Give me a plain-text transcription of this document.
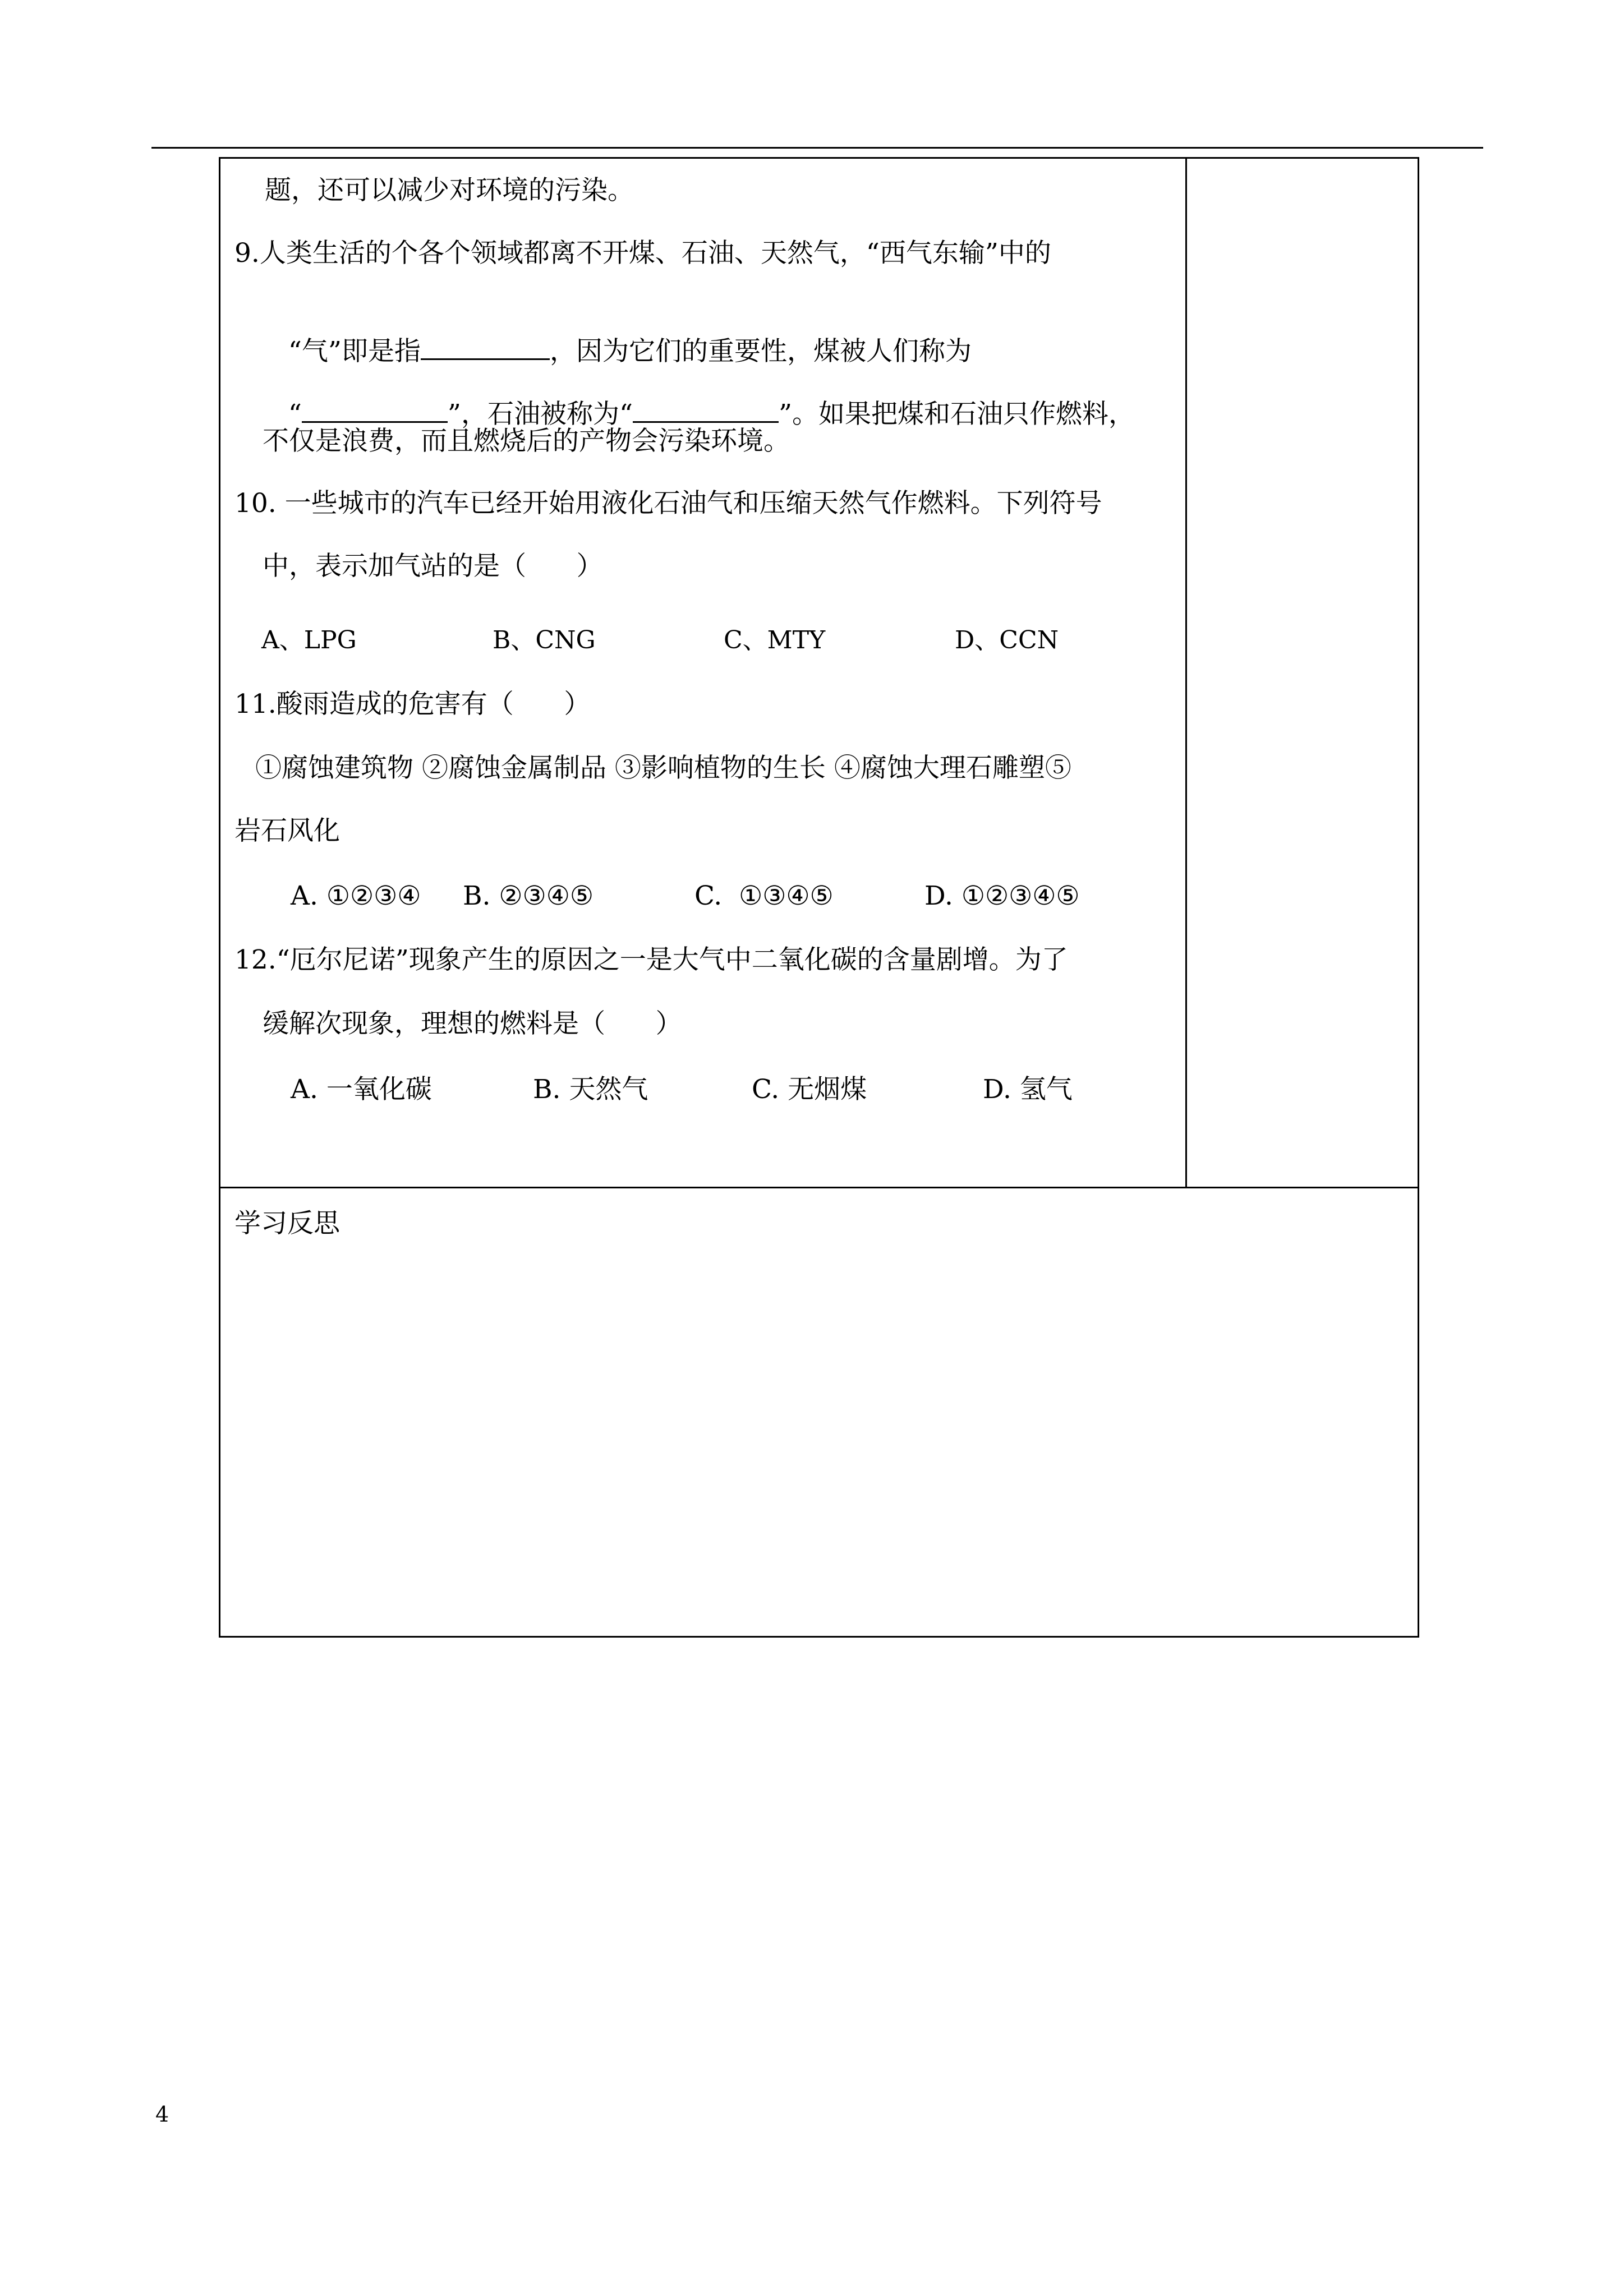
题，还可以减少对环境的污染。
9.人类生活的个各个领域都离不开煤、石油、天然气，“西气东输”中的

“气”即是指	，因为它们的重要性，煤被人们称为

“	”，石油被称为“	”。如果把煤和石油只作燃料，

不仅是浪费，而且燃烧后的产物会污染环境。
10. 一些城市的汽车已经开始用液化石油气和压缩天然气作燃料。下列符号
中，表示加气站的是（      ）
A、LPG	B、CNG	C、MTY	D、CCN
11.酸雨造成的危害有（      ）
①腐蚀建筑物 ②腐蚀金属制品 ③影响植物的生长 ④腐蚀大理石雕塑⑤
岩石风化
A. ①②③④ B. ②③④⑤	C.  ①③④⑤	D. ①②③④⑤
12.“厄尔尼诺”现象产生的原因之一是大气中二氧化碳的含量剧增。为了
缓解次现象，理想的燃料是（      ）
A. 一氧化碳	B. 天然气	C. 无烟煤	D. 氢气
学习反思
4
